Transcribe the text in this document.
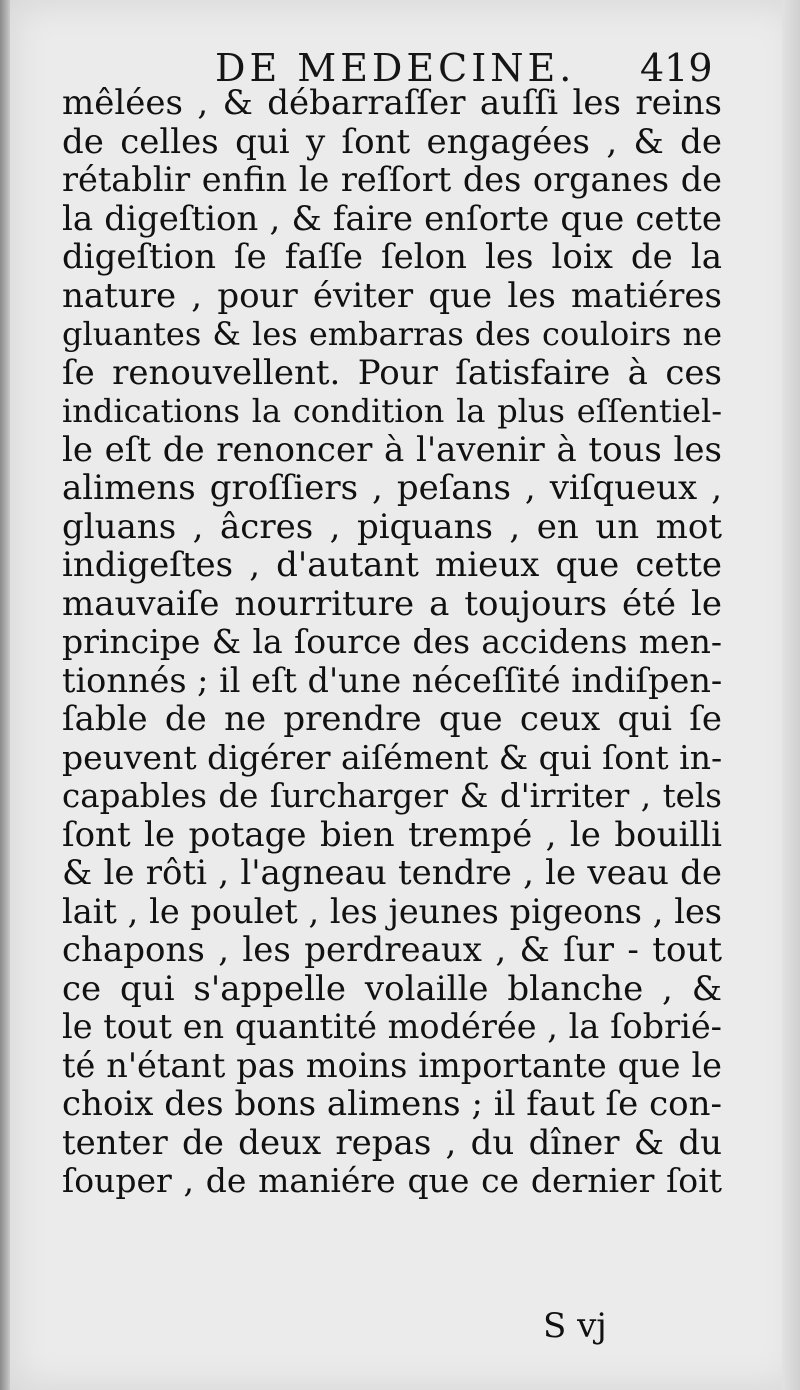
DE MEDECINE. 419
mêlées , & débarraſſer auſſi les reins
de celles qui y ſont engagées , & de
rétablir enfin le reſſort des organes de
la digeſtion , & faire enſorte que cette
digeſtion ſe faſſe ſelon les loix de la
nature , pour éviter que les matiéres
gluantes & les embarras des couloirs ne
ſe renouvellent. Pour ſatisfaire à ces
indications la condition la plus eſſentiel-
le eſt de renoncer à l'avenir à tous les
alimens groſſiers , peſans , viſqueux ,
gluans , âcres , piquans , en un mot
indigeſtes , d'autant mieux que cette
mauvaiſe nourriture a toujours été le
principe & la ſource des accidens men-
tionnés ; il eſt d'une néceſſité indiſpen-
ſable de ne prendre que ceux qui ſe
peuvent digérer aiſément & qui ſont in-
capables de ſurcharger & d'irriter , tels
ſont le potage bien trempé , le bouilli
& le rôti , l'agneau tendre , le veau de
lait , le poulet , les jeunes pigeons , les
chapons , les perdreaux , & ſur - tout
ce qui s'appelle volaille blanche , &
le tout en quantité modérée , la ſobrié-
té n'étant pas moins importante que le
choix des bons alimens ; il faut ſe con-
tenter de deux repas , du dîner & du
ſouper , de maniére que ce dernier ſoit
S vj
